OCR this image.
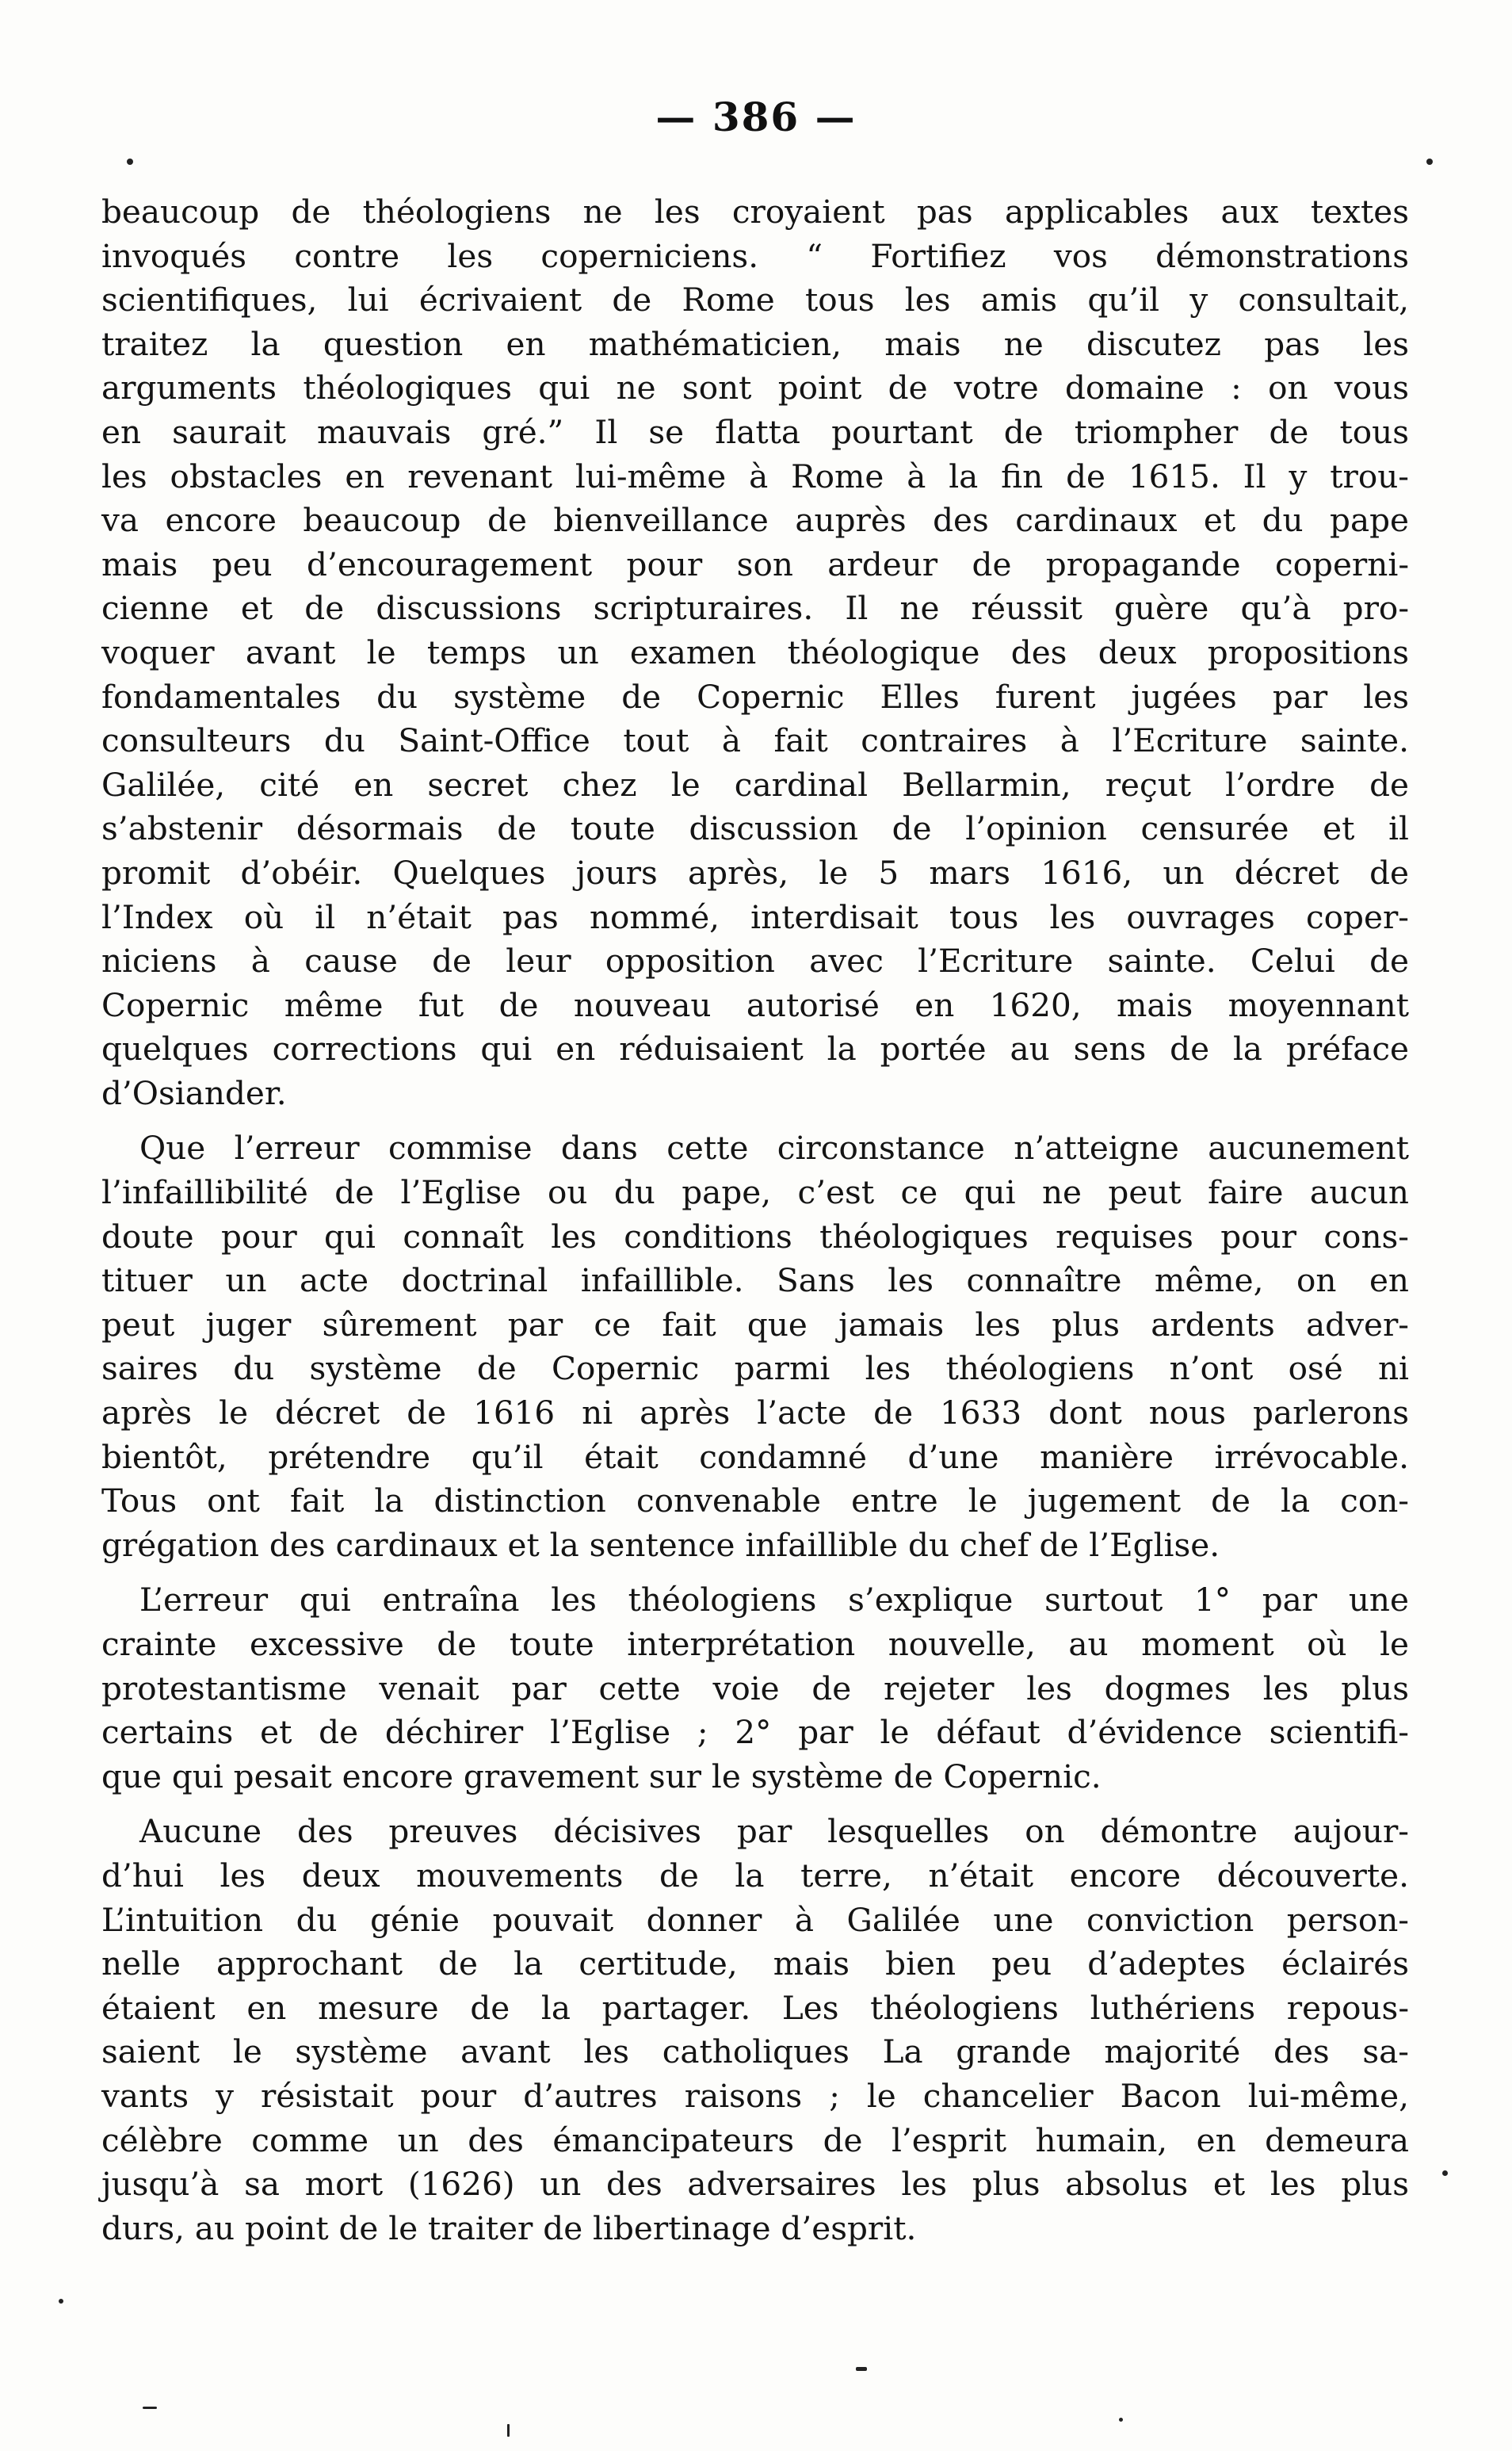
— 386 —
beaucoup de théologiens ne les croyaient pas applicables aux textes
invoqués contre les coperniciens. “ Fortifiez vos démonstrations
scientifiques, lui écrivaient de Rome tous les amis qu’il y consultait,
traitez la question en mathématicien, mais ne discutez pas les
arguments théologiques qui ne sont point de votre domaine : on vous
en saurait mauvais gré.” Il se flatta pourtant de triompher de tous
les obstacles en revenant lui-même à Rome à la fin de 1615. Il y trou-
va encore beaucoup de bienveillance auprès des cardinaux et du pape
mais peu d’encouragement pour son ardeur de propagande coperni-
cienne et de discussions scripturaires. Il ne réussit guère qu’à pro-
voquer avant le temps un examen théologique des deux propositions
fondamentales du système de Copernic Elles furent jugées par les
consulteurs du Saint-Office tout à fait contraires à l’Ecriture sainte.
Galilée, cité en secret chez le cardinal Bellarmin, reçut l’ordre de
s’abstenir désormais de toute discussion de l’opinion censurée et il
promit d’obéir. Quelques jours après, le 5 mars 1616, un décret de
l’Index où il n’était pas nommé, interdisait tous les ouvrages coper-
niciens à cause de leur opposition avec l’Ecriture sainte. Celui de
Copernic même fut de nouveau autorisé en 1620, mais moyennant
quelques corrections qui en réduisaient la portée au sens de la préface
d’Osiander.
Que l’erreur commise dans cette circonstance n’atteigne aucunement
l’infaillibilité de l’Eglise ou du pape, c’est ce qui ne peut faire aucun
doute pour qui connaît les conditions théologiques requises pour cons-
tituer un acte doctrinal infaillible. Sans les connaître même, on en
peut juger sûrement par ce fait que jamais les plus ardents adver-
saires du système de Copernic parmi les théologiens n’ont osé ni
après le décret de 1616 ni après l’acte de 1633 dont nous parlerons
bientôt, prétendre qu’il était condamné d’une manière irrévocable.
Tous ont fait la distinction convenable entre le jugement de la con-
grégation des cardinaux et la sentence infaillible du chef de l’Eglise.
L’erreur qui entraîna les théologiens s’explique surtout 1° par une
crainte excessive de toute interprétation nouvelle, au moment où le
protestantisme venait par cette voie de rejeter les dogmes les plus
certains et de déchirer l’Eglise ; 2° par le défaut d’évidence scientifi-
que qui pesait encore gravement sur le système de Copernic.
Aucune des preuves décisives par lesquelles on démontre aujour-
d’hui les deux mouvements de la terre, n’était encore découverte.
L’intuition du génie pouvait donner à Galilée une conviction person-
nelle approchant de la certitude, mais bien peu d’adeptes éclairés
étaient en mesure de la partager. Les théologiens luthériens repous-
saient le système avant les catholiques La grande majorité des sa-
vants y résistait pour d’autres raisons ; le chancelier Bacon lui-même,
célèbre comme un des émancipateurs de l’esprit humain, en demeura
jusqu’à sa mort (1626) un des adversaires les plus absolus et les plus
durs, au point de le traiter de libertinage d’esprit.
